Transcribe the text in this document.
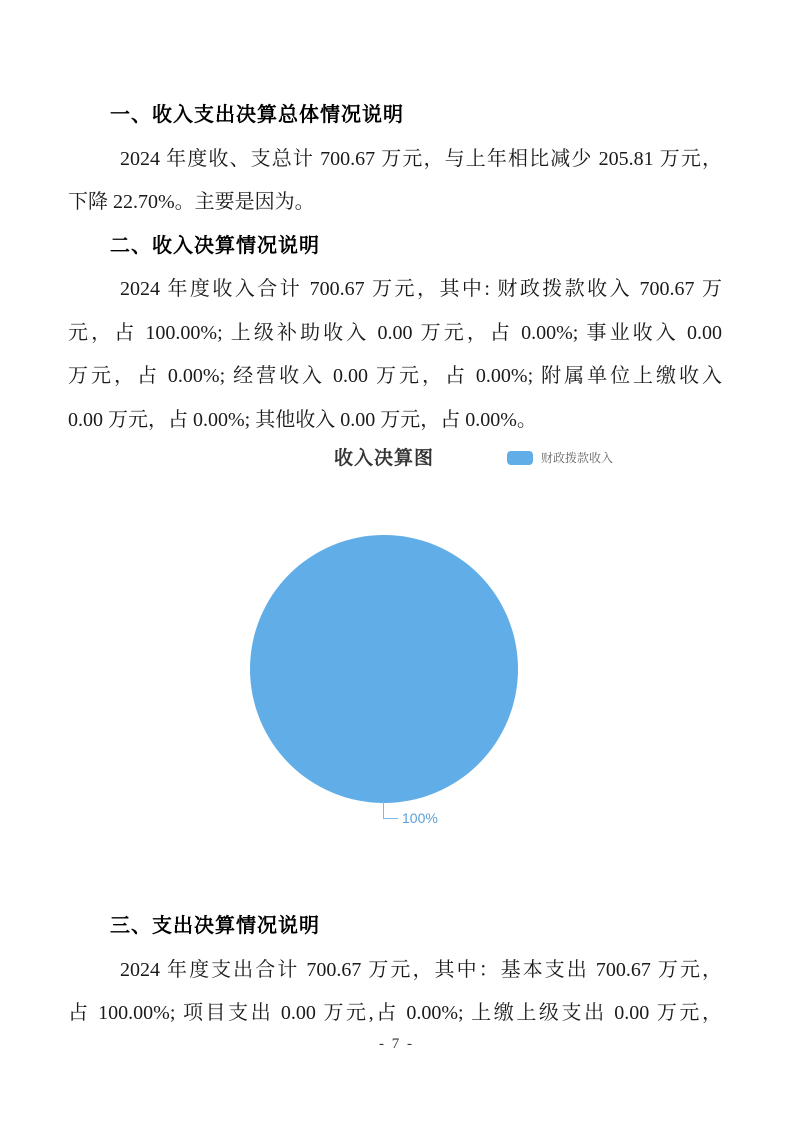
一、收入支出决算总体情况说明
2024 年度收、支总计 700.67 万元，与上年相比减少 205.81 万元，
下降 22.70%。主要是因为。
二、收入决算情况说明
2024 年度收入合计 700.67 万元，其中: 财政拨款收入 700.67 万
元，占 100.00%; 上级补助收入 0.00 万元，占 0.00%; 事业收入 0.00
万元，占 0.00%; 经营收入 0.00 万元，占 0.00%; 附属单位上缴收入
0.00 万元，占 0.00%; 其他收入 0.00 万元，占 0.00%。
收入决算图	财政拨款收入
100%
三、支出决算情况说明
2024 年度支出合计 700.67 万元，其中：基本支出 700.67 万元，
占 100.00%; 项目支出 0.00 万元,占 0.00%; 上缴上级支出 0.00 万元，
- 7 -
